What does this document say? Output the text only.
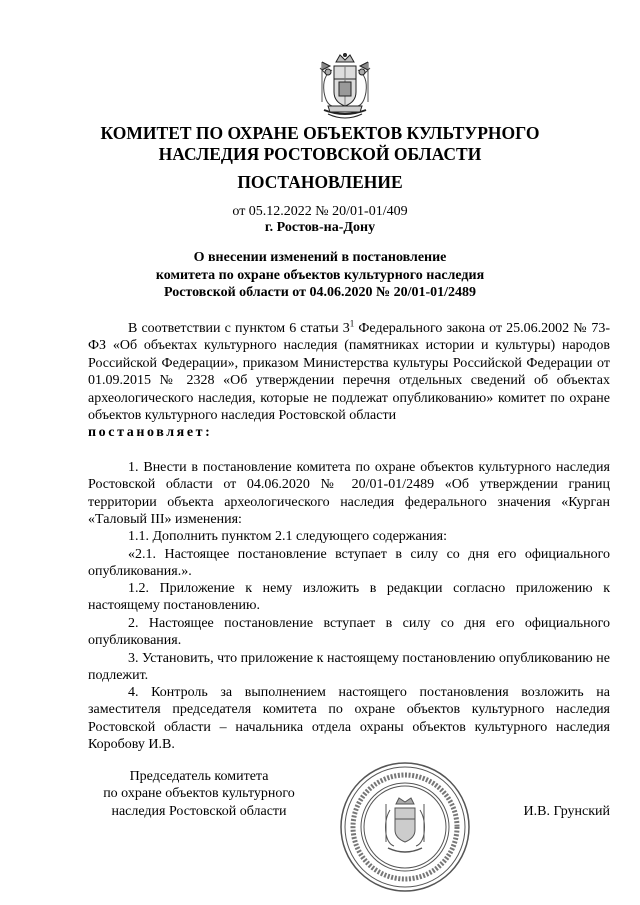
КОМИТЕТ ПО ОХРАНЕ ОБЪЕКТОВ КУЛЬТУРНОГО
НАСЛЕДИЯ РОСТОВСКОЙ ОБЛАСТИ
ПОСТАНОВЛЕНИЕ
от 05.12.2022 № 20/01-01/409
г. Ростов-на-Дону
О внесении изменений в постановление
комитета по охране объектов культурного наследия
Ростовской области от 04.06.2020 № 20/01-01/2489

В соответствии с пунктом 6 статьи $3^1$ Федерального закона от 25.06.2002 № 73-ФЗ «Об объектах культурного наследия (памятниках истории и культуры) народов Российской Федерации», приказом Министерства культуры Российской Федерации от 01.09.2015 № 2328 «Об утверждении перечня отдельных сведений об объектах археологического наследия, которые не подлежат опубликованию» комитет по охране объектов культурного наследия Ростовской области

постановляет:

1. Внести в постановление комитета по охране объектов культурного наследия Ростовской области от 04.06.2020 № 20/01-01/2489 «Об утверждении границ территории объекта археологического наследия федерального значения «Курган «Таловый III» изменения:

1.1. Дополнить пунктом 2.1 следующего содержания:

«2.1. Настоящее постановление вступает в силу со дня его официального опубликования.».

1.2. Приложение к нему изложить в редакции согласно приложению к настоящему постановлению.

2. Настоящее постановление вступает в силу со дня его официального опубликования.

3. Установить, что приложение к настоящему постановлению опубликованию не подлежит.

4. Контроль за выполнением настоящего постановления возложить на заместителя председателя комитета по охране объектов культурного наследия Ростовской области – начальника отдела охраны объектов культурного наследия Коробову И.В.

Председатель комитета
по охране объектов культурного
наследия Ростовской области	И.В. Грунский
